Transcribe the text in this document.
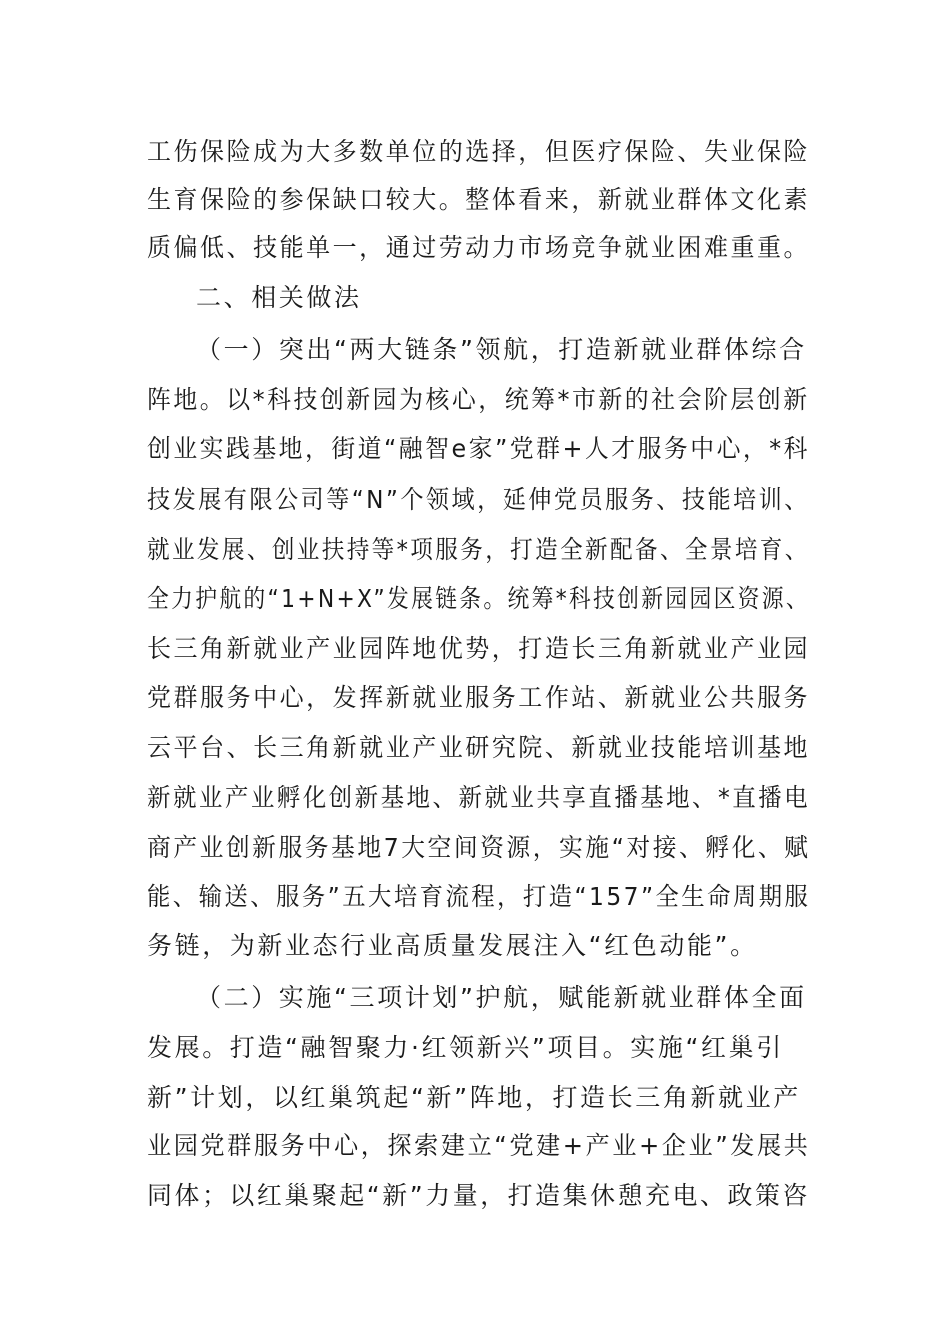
工伤保险成为大多数单位的选择，但医疗保险、失业保险
生育保险的参保缺口较大。整体看来，新就业群体文化素
质偏低、技能单一，通过劳动力市场竞争就业困难重重。
二、相关做法
（一）突出“两大链条”领航，打造新就业群体综合
阵地。以*科技创新园为核心，统筹*市新的社会阶层创新
创业实践基地，街道“融智e家”党群+人才服务中心，*科
技发展有限公司等“N”个领域，延伸党员服务、技能培训、
就业发展、创业扶持等*项服务，打造全新配备、全景培育、
全力护航的“1+N+X”发展链条。统筹*科技创新园园区资源、
长三角新就业产业园阵地优势，打造长三角新就业产业园
党群服务中心，发挥新就业服务工作站、新就业公共服务
云平台、长三角新就业产业研究院、新就业技能培训基地
新就业产业孵化创新基地、新就业共享直播基地、*直播电
商产业创新服务基地7大空间资源，实施“对接、孵化、赋
能、输送、服务”五大培育流程，打造“157”全生命周期服
务链，为新业态行业高质量发展注入“红色动能”。
（二）实施“三项计划”护航，赋能新就业群体全面
发展。打造“融智聚力·红领新兴”项目。实施“红巢引
新”计划，以红巢筑起“新”阵地，打造长三角新就业产
业园党群服务中心，探索建立“党建+产业+企业”发展共
同体；以红巢聚起“新”力量，打造集休憩充电、政策咨
